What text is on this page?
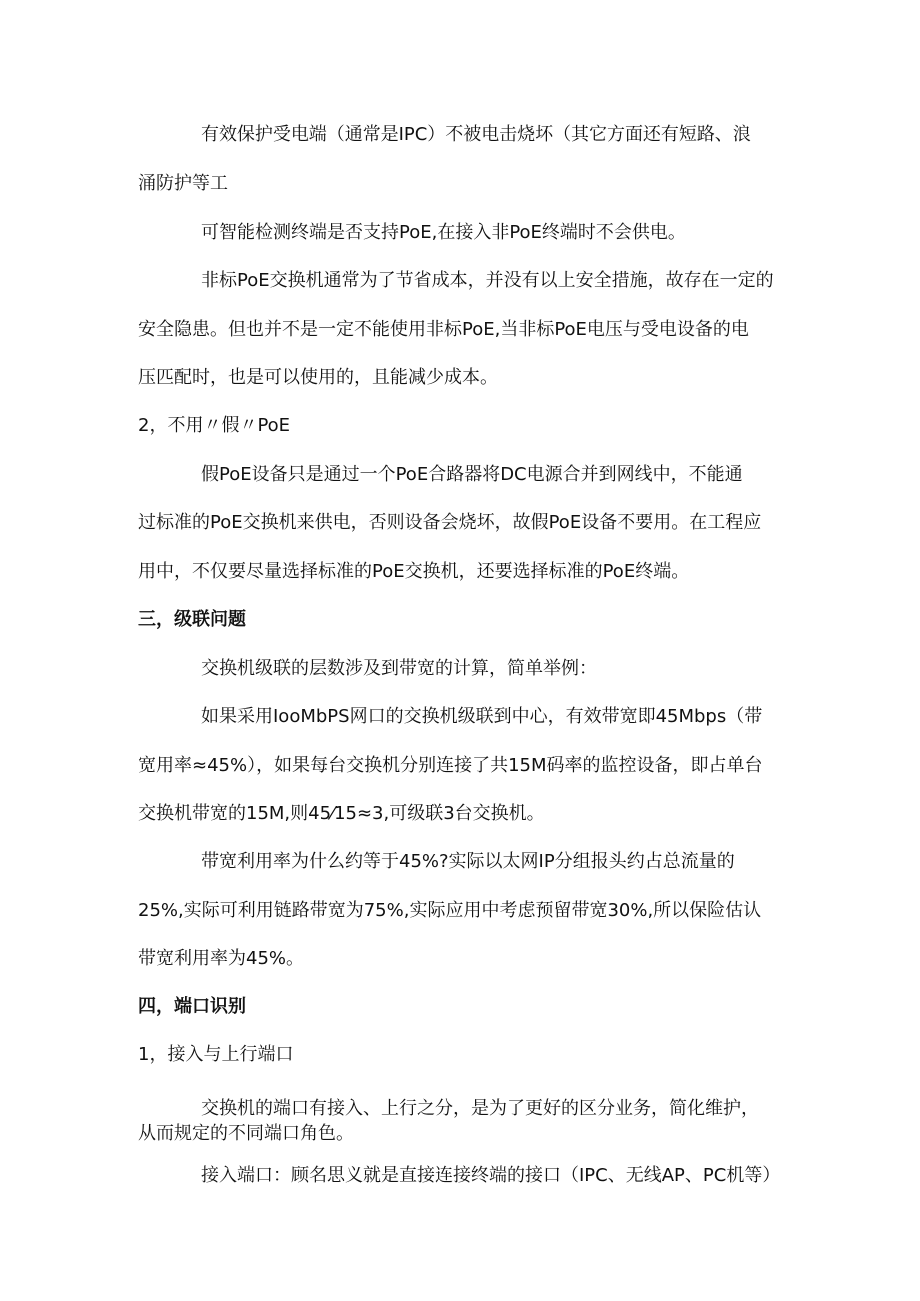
有效保护受电端（通常是IPC）不被电击烧坏（其它方面还有短路、浪

涌防护等工

可智能检测终端是否支持PoE,在接入非PoE终端时不会供电。

非标PoE交换机通常为了节省成本，并没有以上安全措施，故存在一定的

安全隐患。但也并不是一定不能使用非标PoE,当非标PoE电压与受电设备的电

压匹配时，也是可以使用的，且能减少成本。

2，不用〃假〃PoE

假PoE设备只是通过一个PoE合路器将DC电源合并到网线中，不能通

过标准的PoE交换机来供电，否则设备会烧坏，故假PoE设备不要用。在工程应

用中，不仅要尽量选择标准的PoE交换机，还要选择标准的PoE终端。

三，级联问题

交换机级联的层数涉及到带宽的计算，简单举例：

如果采用IooMbPS网口的交换机级联到中心，有效带宽即45Mbps（带

宽用率≈45%），如果每台交换机分别连接了共15M码率的监控设备，即占单台

交换机带宽的15M,则45⁄15≈3,可级联3台交换机。

带宽利用率为什么约等于45%?实际以太网IP分组报头约占总流量的

25%,实际可利用链路带宽为75%,实际应用中考虑预留带宽30%,所以保险估认

带宽利用率为45%。

四，端口识别

1，接入与上行端口

交换机的端口有接入、上行之分，是为了更好的区分业务，简化维护，

从而规定的不同端口角色。

接入端口：顾名思义就是直接连接终端的接口（IPC、无线AP、PC机等）
